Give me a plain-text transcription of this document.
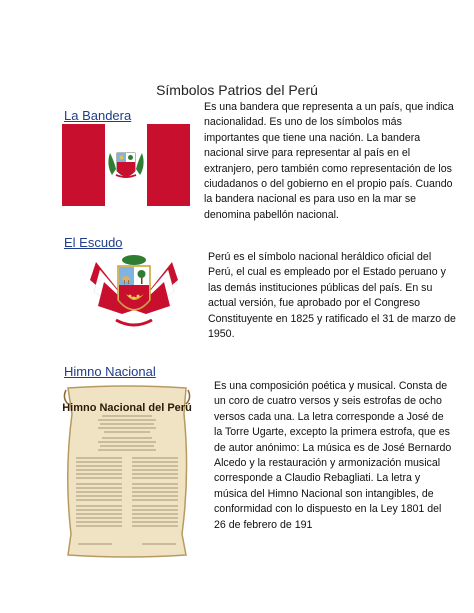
Símbolos Patrios del Perú
La Bandera
Es una bandera que representa a un país, que indica
nacionalidad. Es uno de los símbolos más
importantes que tiene una nación. La bandera
nacional sirve para representar al país en el
extranjero, pero también como representación de los
ciudadanos o del gobierno en el propio país. Cuando
la bandera nacional es para uso en la mar se
denomina pabellón nacional.
El Escudo
Perú es el símbolo nacional heráldico oficial del
Perú, el cual es empleado por el Estado peruano y
las demás instituciones públicas del país. En su
actual versión, fue aprobado por el Congreso
Constituyente en 1825 y ratificado el 31 de marzo de
1950.
Himno Nacional
Himno Nacional del Perú
Es una composición poética y musical. Consta de
un coro de cuatro versos y seis estrofas de ocho
versos cada una. La letra corresponde a José de
la Torre Ugarte, excepto la primera estrofa, que es
de autor anónimo: La música es de José Bernardo
Alcedo y la restauración y armonización musical
corresponde a Claudio Rebagliati. La letra y
música del Himno Nacional son intangibles, de
conformidad con lo dispuesto en la Ley 1801 del
26 de febrero de 191
